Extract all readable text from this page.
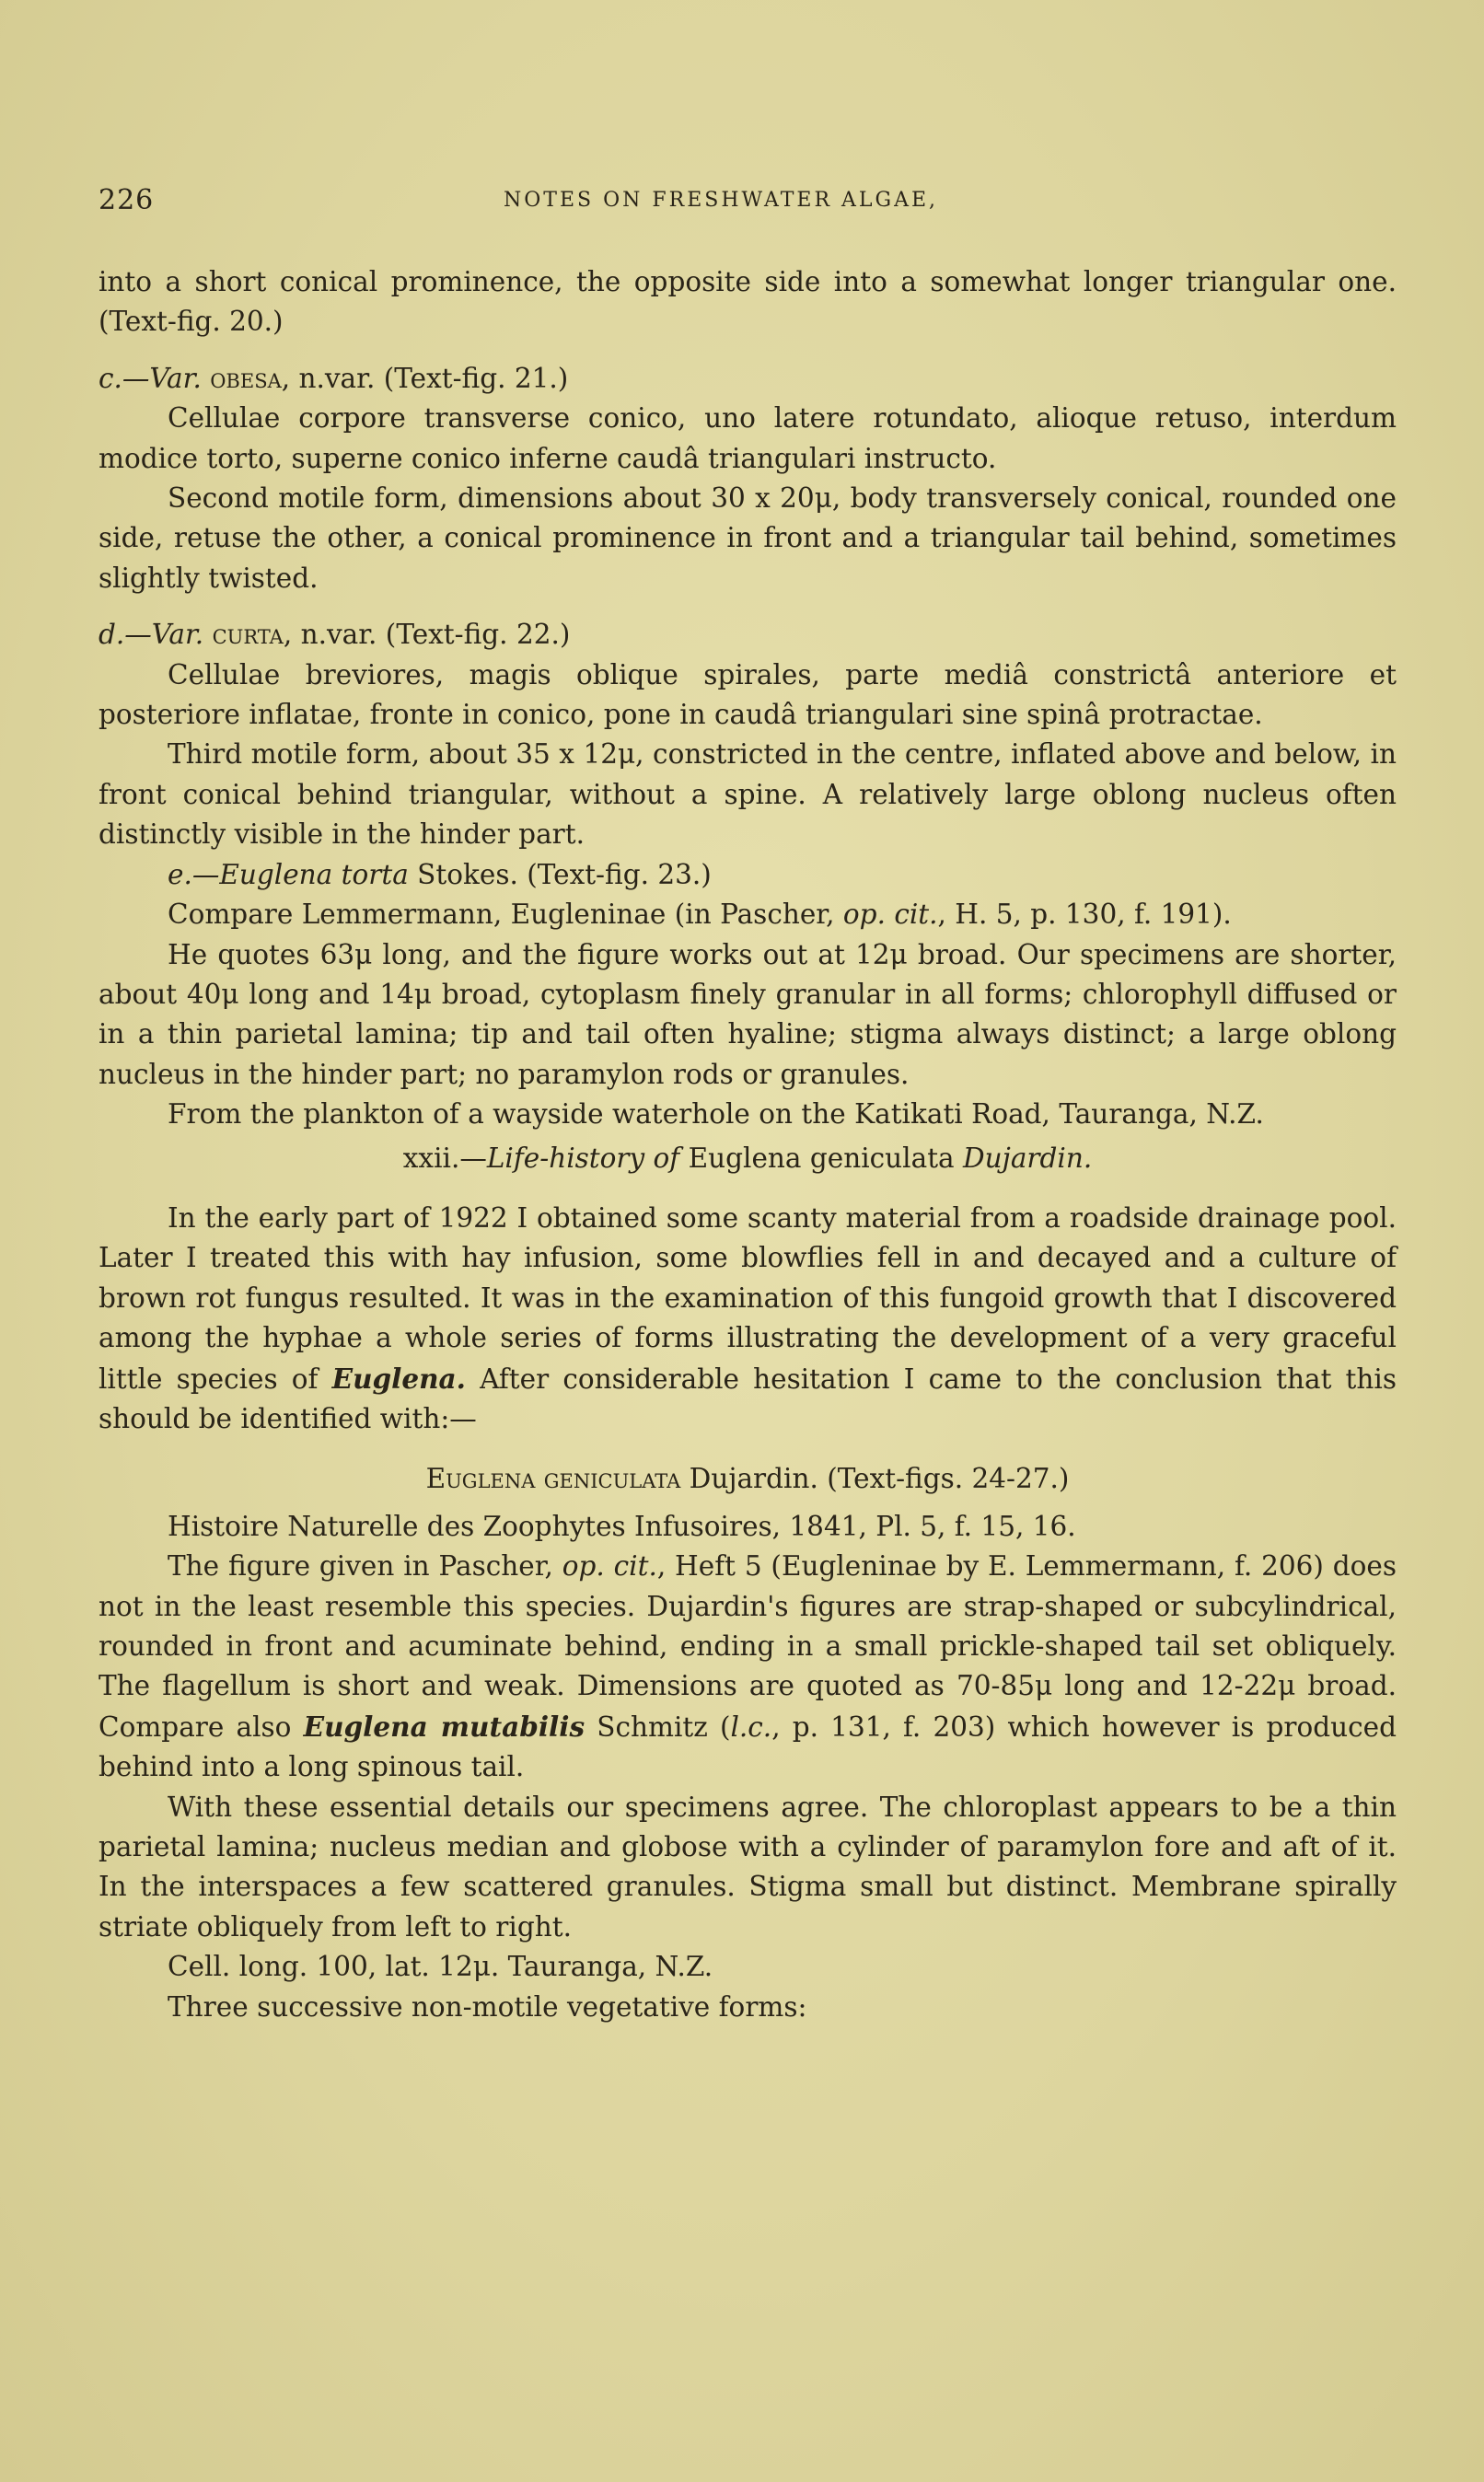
226	NOTES ON FRESHWATER ALGAE,

into a short conical prominence, the opposite side into a somewhat longer triangular one. (Text-fig. 20.)

c.—Var. obesa, n.var. (Text-fig. 21.)

Cellulae corpore transverse conico, uno latere rotundato, alioque retuso, interdum modice torto, superne conico inferne caudâ triangulari instructo.

Second motile form, dimensions about 30 x 20μ, body transversely conical, rounded one side, retuse the other, a conical prominence in front and a triangular tail behind, sometimes slightly twisted.

d.—Var. curta, n.var. (Text-fig. 22.)

Cellulae breviores, magis oblique spirales, parte mediâ constrictâ anteriore et posteriore inflatae, fronte in conico, pone in caudâ triangulari sine spinâ protractae.

Third motile form, about 35 x 12μ, constricted in the centre, inflated above and below, in front conical behind triangular, without a spine. A relatively large oblong nucleus often distinctly visible in the hinder part.

e.—Euglena torta Stokes. (Text-fig. 23.)

Compare Lemmermann, Eugleninae (in Pascher, op. cit., H. 5, p. 130, f. 191).

He quotes 63μ long, and the figure works out at 12μ broad. Our specimens are shorter, about 40μ long and 14μ broad, cytoplasm finely granular in all forms; chlorophyll diffused or in a thin parietal lamina; tip and tail often hyaline; stigma always distinct; a large oblong nucleus in the hinder part; no paramylon rods or granules.

From the plankton of a wayside waterhole on the Katikati Road, Tauranga, N.Z.

xxii.—Life-history of Euglena geniculata Dujardin.

In the early part of 1922 I obtained some scanty material from a roadside drainage pool. Later I treated this with hay infusion, some blowflies fell in and decayed and a culture of brown rot fungus resulted. It was in the examination of this fungoid growth that I discovered among the hyphae a whole series of forms illustrating the development of a very graceful little species of Euglena. After considerable hesitation I came to the conclusion that this should be identified with:—

Euglena geniculata Dujardin. (Text-figs. 24-27.)

Histoire Naturelle des Zoophytes Infusoires, 1841, Pl. 5, f. 15, 16.

The figure given in Pascher, op. cit., Heft 5 (Eugleninae by E. Lemmermann, f. 206) does not in the least resemble this species. Dujardin's figures are strap-shaped or subcylindrical, rounded in front and acuminate behind, ending in a small prickle-shaped tail set obliquely. The flagellum is short and weak. Dimensions are quoted as 70-85μ long and 12-22μ broad. Compare also Euglena mutabilis Schmitz (l.c., p. 131, f. 203) which however is produced behind into a long spinous tail.

With these essential details our specimens agree. The chloroplast appears to be a thin parietal lamina; nucleus median and globose with a cylinder of paramylon fore and aft of it. In the interspaces a few scattered granules. Stigma small but distinct. Membrane spirally striate obliquely from left to right.

Cell. long. 100, lat. 12μ. Tauranga, N.Z.

Three successive non-motile vegetative forms:
